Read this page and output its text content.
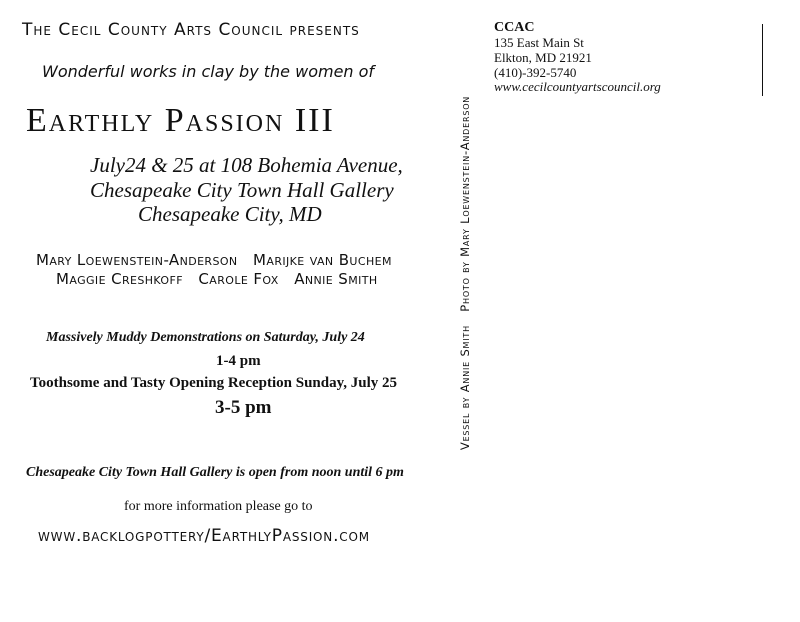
The Cecil County Arts Council presents
Wonderful works in clay by the women of
Earthly Passion III
July24 & 25 at 108 Bohemia Avenue,
Chesapeake City Town Hall Gallery
Chesapeake City, MD
Mary Loewenstein-Anderson   Marijke van Buchem
Maggie Creshkoff   Carole Fox   Annie Smith
Massively Muddy Demonstrations on Saturday, July 24
1-4 pm
Toothsome and Tasty Opening Reception Sunday, July 25
3-5 pm
Chesapeake City Town Hall Gallery is open from noon until 6 pm
for more information please go to
www.backlogpottery/EarthlyPassion.com
Vessel by Annie Smith   Photo by Mary Loewenstein-Anderson
CCAC
135 East Main St
Elkton, MD 21921
(410)-392-5740
www.cecilcountyartscouncil.org
